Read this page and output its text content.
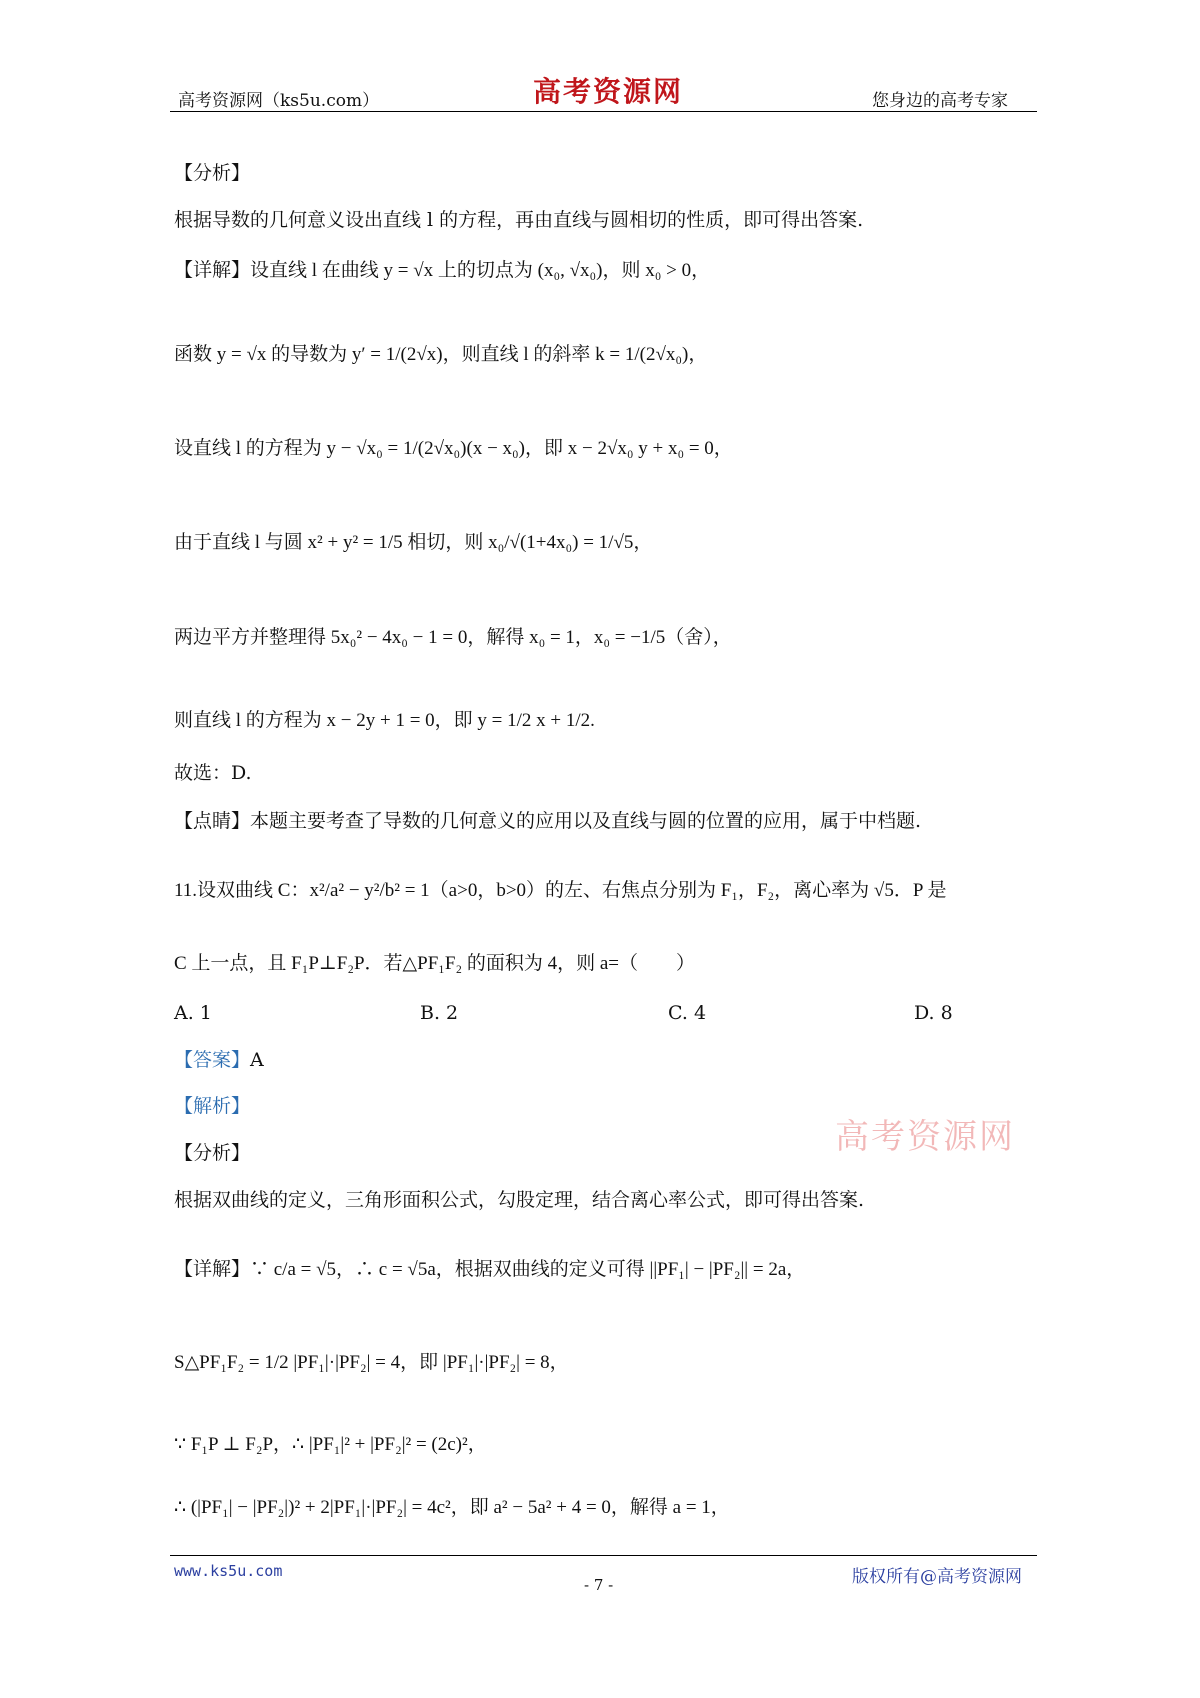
高考资源网（ks5u.com）	高考资源网	您身边的高考专家
【分析】
根据导数的几何意义设出直线 l 的方程，再由直线与圆相切的性质，即可得出答案.
【详解】设直线 l 在曲线 y = √x 上的切点为 (x₀, √x₀)，则 x₀ > 0，
函数 y = √x 的导数为 y′ = 1/(2√x)，则直线 l 的斜率 k = 1/(2√x₀)，
设直线 l 的方程为 y − √x₀ = 1/(2√x₀)(x − x₀)，即 x − 2√x₀ y + x₀ = 0，
由于直线 l 与圆 x² + y² = 1/5 相切，则 x₀/√(1+4x₀) = 1/√5，
两边平方并整理得 5x₀² − 4x₀ − 1 = 0，解得 x₀ = 1，x₀ = −1/5（舍），
则直线 l 的方程为 x − 2y + 1 = 0，即 y = 1/2 x + 1/2.
故选：D.
【点睛】本题主要考查了导数的几何意义的应用以及直线与圆的位置的应用，属于中档题.
11.设双曲线 C：x²/a² − y²/b² = 1（a>0，b>0）的左、右焦点分别为 F₁，F₂，离心率为 √5．P 是
C 上一点，且 F₁P⊥F₂P．若△PF₁F₂ 的面积为 4，则 a=（　　）
A. 1	B. 2	C. 4	D. 8
【答案】A
【解析】
高考资源网
【分析】
根据双曲线的定义，三角形面积公式，勾股定理，结合离心率公式，即可得出答案.
【详解】∵ c/a = √5，∴ c = √5a，根据双曲线的定义可得 ||PF₁| − |PF₂|| = 2a，
S△PF₁F₂ = 1/2 |PF₁|·|PF₂| = 4，即 |PF₁|·|PF₂| = 8，
∵ F₁P ⊥ F₂P，∴ |PF₁|² + |PF₂|² = (2c)²，
∴ (|PF₁| − |PF₂|)² + 2|PF₁|·|PF₂| = 4c²，即 a² − 5a² + 4 = 0，解得 a = 1，
www.ks5u.com
- 7 -	版权所有@高考资源网
